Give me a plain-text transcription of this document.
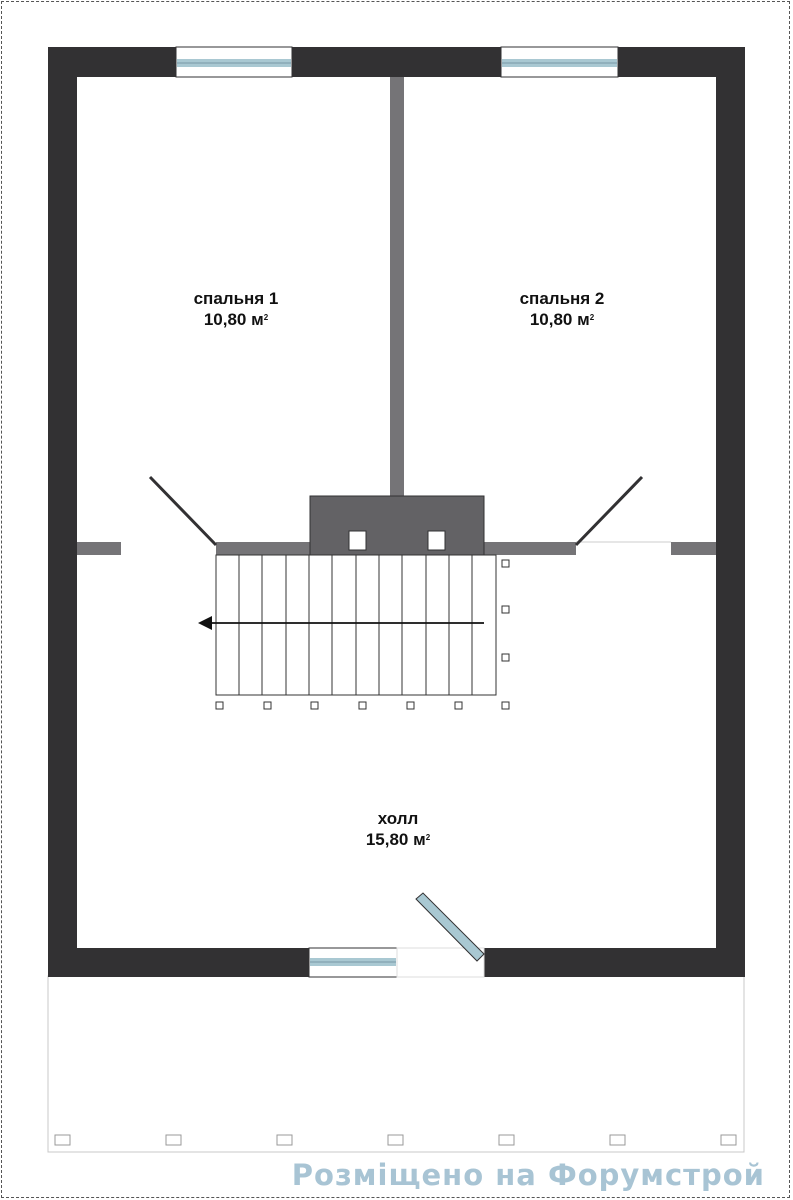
спальня 1
10,80 $м^2$
спальня 2
10,80 $м^2$
холл
15,80 $м^2$
Розміщено на Форумстрой
